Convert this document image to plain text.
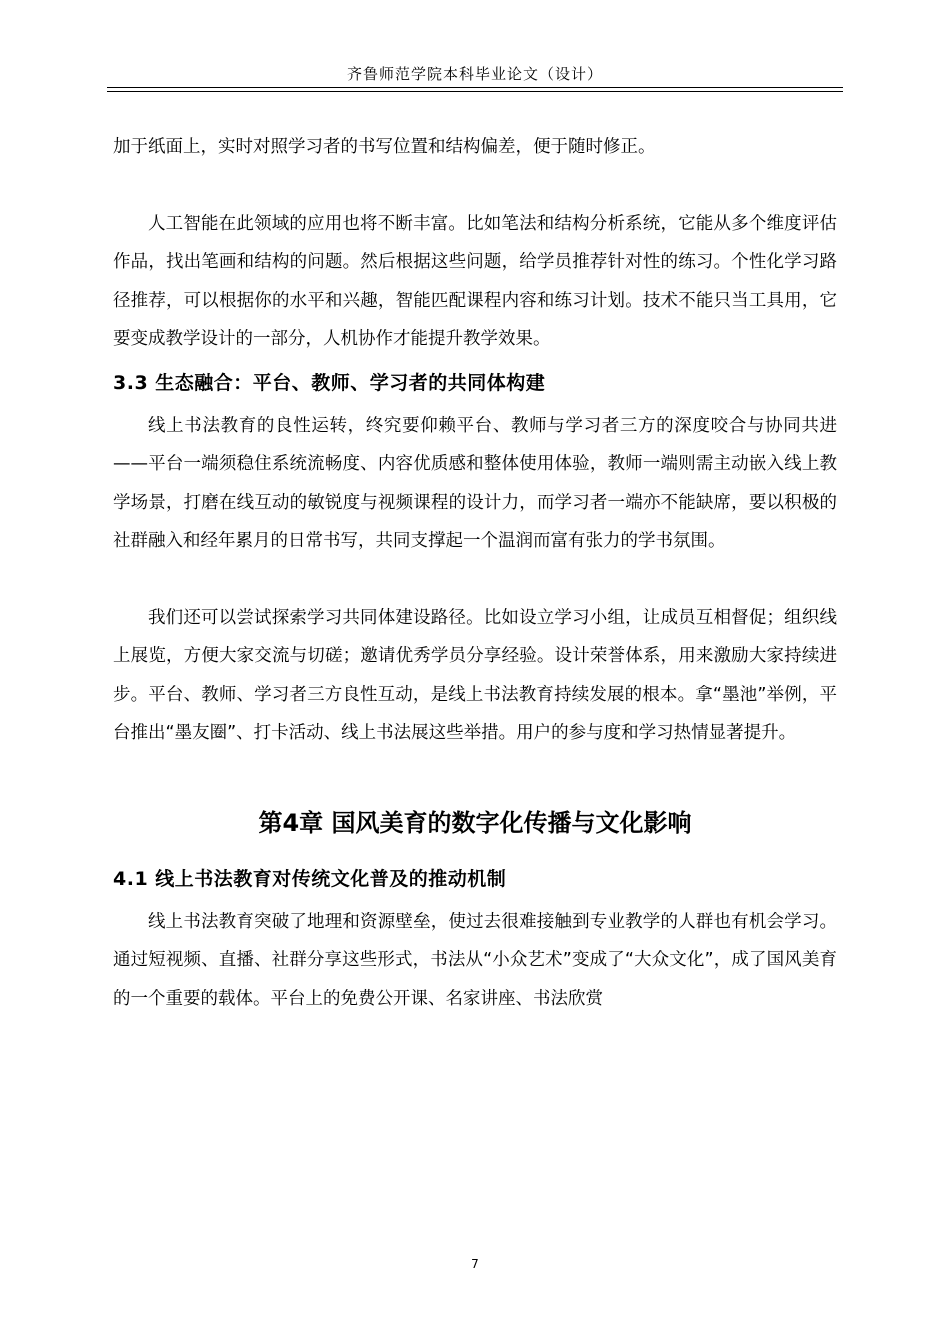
齐鲁师范学院本科毕业论文（设计）

加于纸面上，实时对照学习者的书写位置和结构偏差，便于随时修正。

人工智能在此领域的应用也将不断丰富。比如笔法和结构分析系统，它能从多个维度评估作品，找出笔画和结构的问题。然后根据这些问题，给学员推荐针对性的练习。个性化学习路径推荐，可以根据你的水平和兴趣，智能匹配课程内容和练习计划。技术不能只当工具用，它要变成教学设计的一部分，人机协作才能提升教学效果。

3.3 生态融合：平台、教师、学习者的共同体构建

线上书法教育的良性运转，终究要仰赖平台、教师与学习者三方的深度咬合与协同共进——平台一端须稳住系统流畅度、内容优质感和整体使用体验，教师一端则需主动嵌入线上教学场景，打磨在线互动的敏锐度与视频课程的设计力，而学习者一端亦不能缺席，要以积极的社群融入和经年累月的日常书写，共同支撑起一个温润而富有张力的学书氛围。

我们还可以尝试探索学习共同体建设路径。比如设立学习小组，让成员互相督促；组织线上展览，方便大家交流与切磋；邀请优秀学员分享经验。设计荣誉体系，用来激励大家持续进步。平台、教师、学习者三方良性互动，是线上书法教育持续发展的根本。拿“墨池”举例，平台推出“墨友圈”、打卡活动、线上书法展这些举措。用户的参与度和学习热情显著提升。

第4章 国风美育的数字化传播与文化影响
4.1 线上书法教育对传统文化普及的推动机制

线上书法教育突破了地理和资源壁垒，使过去很难接触到专业教学的人群也有机会学习。通过短视频、直播、社群分享这些形式，书法从“小众艺术”变成了“大众文化”，成了国风美育的一个重要的载体。平台上的免费公开课、名家讲座、书法欣赏

7
